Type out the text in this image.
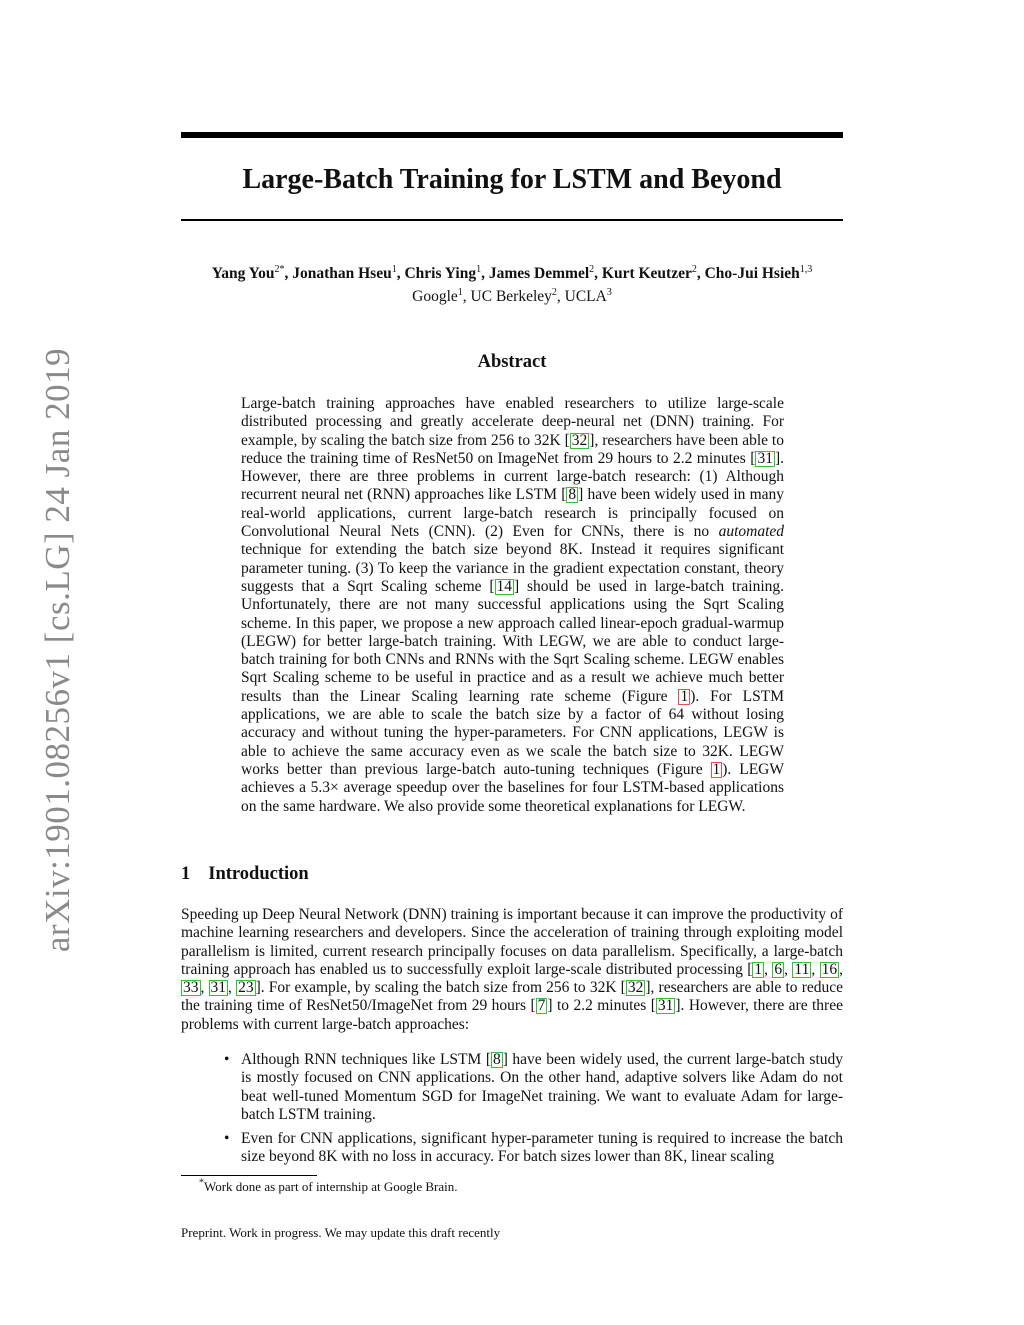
arXiv:1901.08256v1 [cs.LG] 24 Jan 2019
Large-Batch Training for LSTM and Beyond
Yang You$^{2*}$, Jonathan Hseu$^1$, Chris Ying$^1$, James Demmel$^2$, Kurt Keutzer$^2$, Cho-Jui Hsieh$^{1,3}$
Google$^1$, UC Berkeley$^2$, UCLA$^3$
Abstract

Large-batch training approaches have enabled researchers to utilize large-scale distributed processing and greatly accelerate deep-neural net (DNN) training. For example, by scaling the batch size from 256 to 32K [ 32 ], researchers have been able to reduce the training time of ResNet50 on ImageNet from 29 hours to 2.2 minutes [ 31 ]. However, there are three problems in current large-batch research: (1) Although recurrent neural net (RNN) approaches like LSTM [ 8 ] have been widely used in many real-world applications, current large-batch research is principally focused on Convolutional Neural Nets (CNN). (2) Even for CNNs, there is no automated technique for extending the batch size beyond 8K. Instead it requires significant parameter tuning. (3) To keep the variance in the gradient expectation constant, theory suggests that a Sqrt Scaling scheme [ 14 ] should be used in large-batch training. Unfortunately, there are not many successful applications using the Sqrt Scaling scheme. In this paper, we propose a new approach called linear-epoch gradual-warmup (LEGW) for better large-batch training. With LEGW, we are able to conduct large-batch training for both CNNs and RNNs with the Sqrt Scaling scheme. LEGW enables Sqrt Scaling scheme to be useful in practice and as a result we achieve much better results than the Linear Scaling learning rate scheme (Figure 1 ). For LSTM applications, we are able to scale the batch size by a factor of 64 without losing accuracy and without tuning the hyper-parameters. For CNN applications, LEGW is able to achieve the same accuracy even as we scale the batch size to 32K. LEGW works better than previous large-batch auto-tuning techniques (Figure 1 ). LEGW achieves a 5.3× average speedup over the baselines for four LSTM-based applications on the same hardware. We also provide some theoretical explanations for LEGW.

1 Introduction

Speeding up Deep Neural Network (DNN) training is important because it can improve the productivity of machine learning researchers and developers. Since the acceleration of training through exploiting model parallelism is limited, current research principally focuses on data parallelism. Specifically, a large-batch training approach has enabled us to successfully exploit large-scale distributed processing [ 1 , 6 , 11 , 16 , 33 , 31 , 23 ]. For example, by scaling the batch size from 256 to 32K [ 32 ], researchers are able to reduce the training time of ResNet50/ImageNet from 29 hours [ 7 ] to 2.2 minutes [ 31 ]. However, there are three problems with current large-batch approaches:

• Although RNN techniques like LSTM [ 8 ] have been widely used, the current large-batch study is mostly focused on CNN applications. On the other hand, adaptive solvers like Adam do not beat well-tuned Momentum SGD for ImageNet training. We want to evaluate Adam for large-batch LSTM training.

• Even for CNN applications, significant hyper-parameter tuning is required to increase the batch size beyond 8K with no loss in accuracy. For batch sizes lower than 8K, linear scaling

*Work done as part of internship at Google Brain.
Preprint. Work in progress. We may update this draft recently
